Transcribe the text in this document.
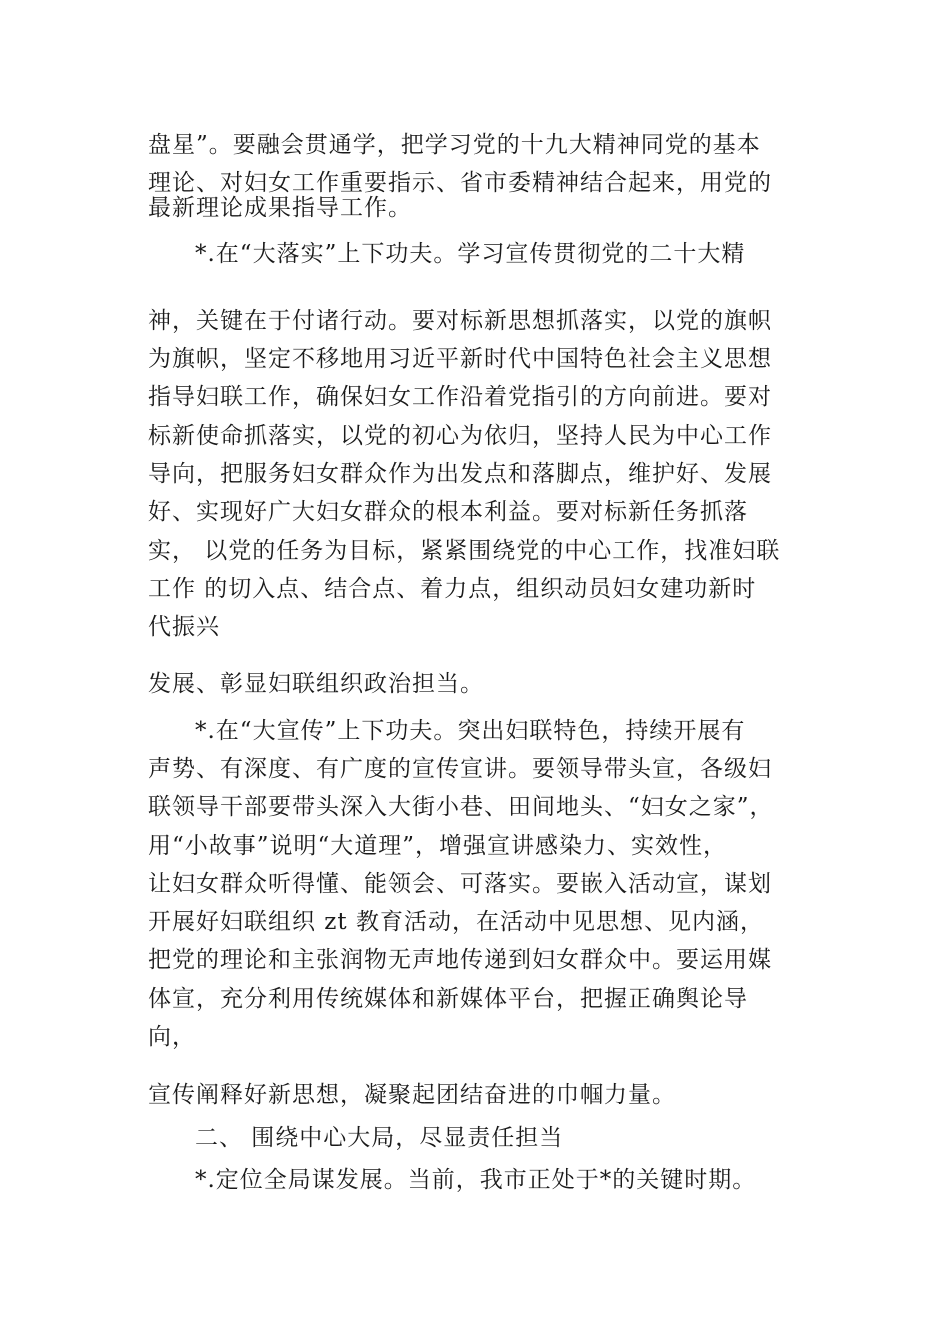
盘星”。要融会贯通学，把学习党的十九大精神同党的基本
理论、对妇女工作重要指示、省市委精神结合起来，用党的
最新理论成果指导工作。
*.在“大落实”上下功夫。学习宣传贯彻党的二十大精
神，关键在于付诸行动。要对标新思想抓落实，以党的旗帜
为旗帜，坚定不移地用习近平新时代中国特色社会主义思想
指导妇联工作，确保妇女工作沿着党指引的方向前进。要对
标新使命抓落实，以党的初心为依归，坚持人民为中心工作
导向，把服务妇女群众作为出发点和落脚点，维护好、发展
好、实现好广大妇女群众的根本利益。要对标新任务抓落
实， 以党的任务为目标，紧紧围绕党的中心工作，找准妇联
工作 的切入点、结合点、着力点，组织动员妇女建功新时
代振兴
发展、彰显妇联组织政治担当。
*.在“大宣传”上下功夫。突出妇联特色，持续开展有
声势、有深度、有广度的宣传宣讲。要领导带头宣，各级妇
联领导干部要带头深入大街小巷、田间地头、“妇女之家”，
用“小故事”说明“大道理”，增强宣讲感染力、实效性，
让妇女群众听得懂、能领会、可落实。要嵌入活动宣，谋划
开展好妇联组织 zt 教育活动，在活动中见思想、见内涵，
把党的理论和主张润物无声地传递到妇女群众中。要运用媒
体宣，充分利用传统媒体和新媒体平台，把握正确舆论导
向，
宣传阐释好新思想，凝聚起团结奋进的巾帼力量。
二、 围绕中心大局，尽显责任担当
*.定位全局谋发展。当前，我市正处于*的关键时期。
